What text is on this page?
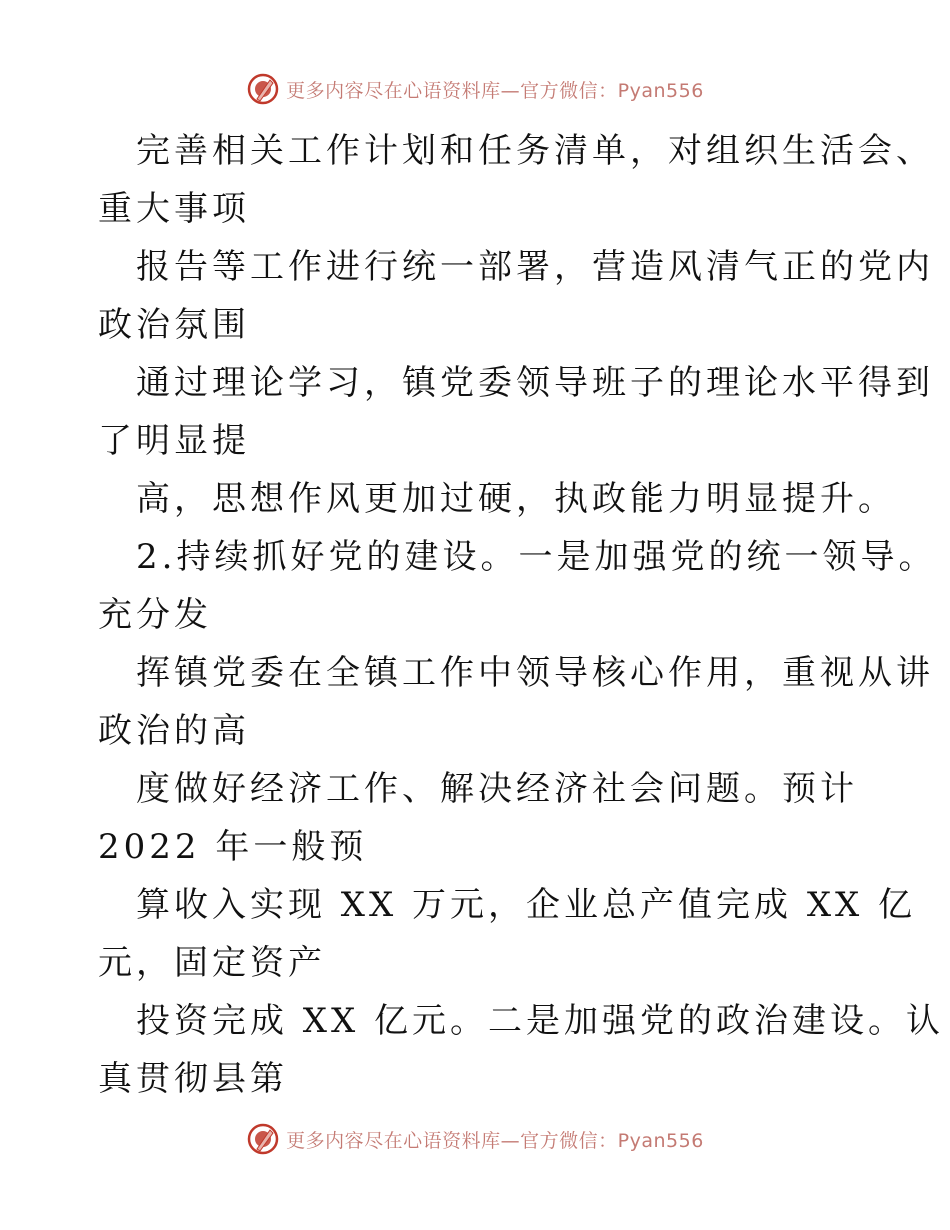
更多内容尽在心语资料库—官方微信：Pyan556
完善相关工作计划和任务清单，对组织生活会、
重大事项
报告等工作进行统一部署，营造风清气正的党内
政治氛围
通过理论学习，镇党委领导班子的理论水平得到
了明显提
高，思想作风更加过硬，执政能力明显提升。
2.持续抓好党的建设。一是加强党的统一领导。
充分发
挥镇党委在全镇工作中领导核心作用，重视从讲
政治的高
度做好经济工作、解决经济社会问题。预计
2022 年一般预
算收入实现 XX 万元，企业总产值完成 XX 亿
元，固定资产
投资完成 XX 亿元。二是加强党的政治建设。认
真贯彻县第
更多内容尽在心语资料库—官方微信：Pyan556
